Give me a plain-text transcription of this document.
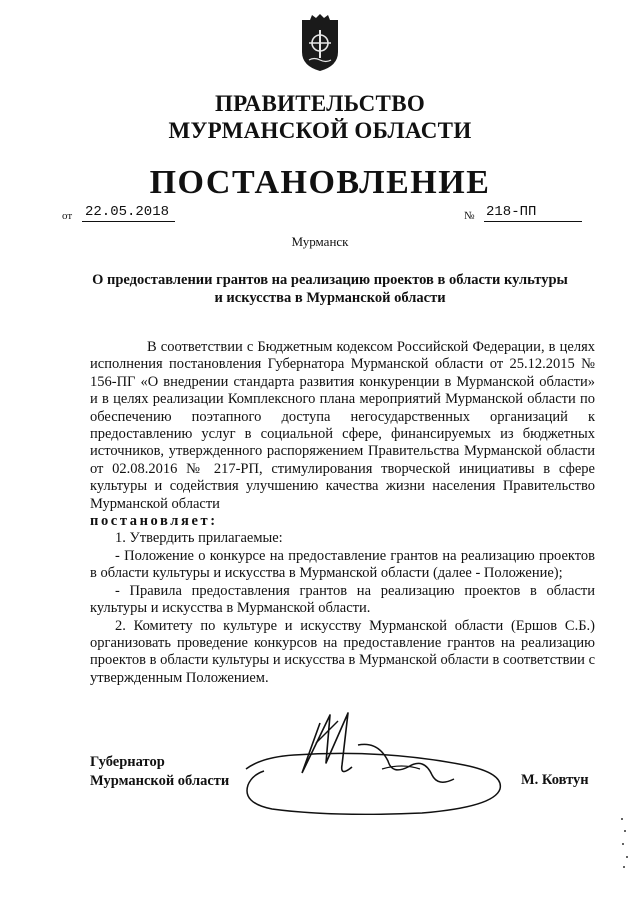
ПРАВИТЕЛЬСТВО
МУРМАНСКОЙ ОБЛАСТИ
ПОСТАНОВЛЕНИЕ
от 22.05.2018	№ 218-ПП
Мурманск
О предоставлении грантов на реализацию проектов в области культуры
и искусства в Мурманской области

В соответствии с Бюджетным кодексом Российской Федерации, в целях исполнения постановления Губернатора Мурманской области от 25.12.2015 № 156-ПГ «О внедрении стандарта развития конкуренции в Мурманской области» и в целях реализации Комплексного плана мероприятий Мурманской области по обеспечению поэтапного доступа негосударственных организаций к предоставлению услуг в социальной сфере, финансируемых из бюджетных источников, утвержденного распоряжением Правительства Мурманской области от 02.08.2016 № 217-РП, стимулирования творческой инициативы в сфере культуры и содействия улучшению качества жизни населения Правительство Мурманской области

постановляет:

1. Утвердить прилагаемые:

- Положение о конкурсе на предоставление грантов на реализацию проектов в области культуры и искусства в Мурманской области (далее - Положение);

- Правила предоставления грантов на реализацию проектов в области культуры и искусства в Мурманской области.

2. Комитету по культуре и искусству Мурманской области (Ершов С.Б.) организовать проведение конкурсов на предоставление грантов на реализацию проектов в области культуры и искусства в Мурманской области в соответствии с утвержденным Положением.

Губернатор
Мурманской области	М. Ковтун
